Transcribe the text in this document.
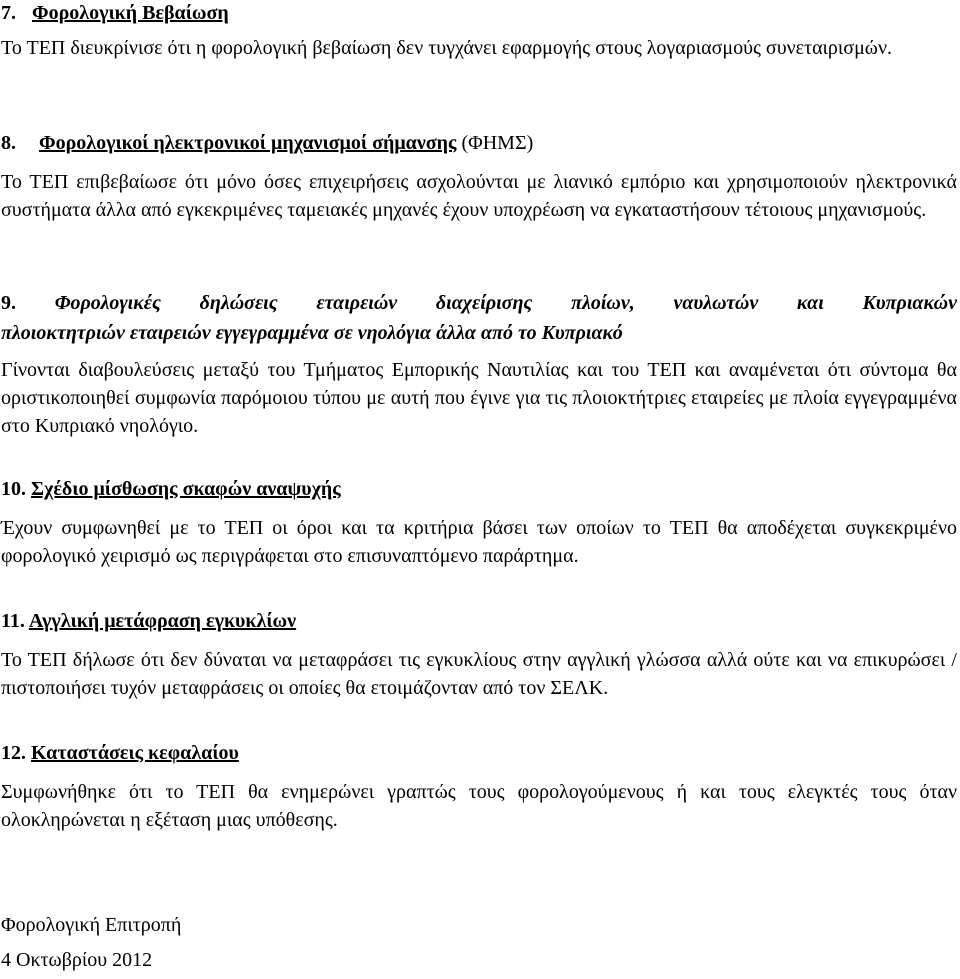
7. Φορολογική Βεβαίωση

Το ΤΕΠ διευκρίνισε ότι η φορολογική βεβαίωση δεν τυγχάνει εφαρμογής στους λογαριασμούς συνεταιρισμών.

8. Φορολογικοί ηλεκτρονικοί μηχανισμοί σήμανσης (ΦΗΜΣ)

Το ΤΕΠ επιβεβαίωσε ότι μόνο όσες επιχειρήσεις ασχολούνται με λιανικό εμπόριο και χρησιμοποιούν ηλεκτρονικά συστήματα άλλα από εγκεκριμένες ταμειακές μηχανές έχουν υποχρέωση να εγκαταστήσουν τέτοιους μηχανισμούς.

9. Φορολογικές δηλώσεις εταιρειών διαχείρισης πλοίων, ναυλωτών και Κυπριακών
πλοιοκτητριών εταιρειών εγγεγραμμένα σε νηολόγια άλλα από το Κυπριακό

Γίνονται διαβουλεύσεις μεταξύ του Τμήματος Εμπορικής Ναυτιλίας και του ΤΕΠ και αναμένεται ότι σύντομα θα οριστικοποιηθεί συμφωνία παρόμοιου τύπου με αυτή που έγινε για τις πλοιοκτήτριες εταιρείες με πλοία εγγεγραμμένα στο Κυπριακό νηολόγιο.

10. Σχέδιο μίσθωσης σκαφών αναψυχής

Έχουν συμφωνηθεί με το ΤΕΠ οι όροι και τα κριτήρια βάσει των οποίων το ΤΕΠ θα αποδέχεται συγκεκριμένο φορολογικό χειρισμό ως περιγράφεται στο επισυναπτόμενο παράρτημα.

11. Αγγλική μετάφραση εγκυκλίων

Το ΤΕΠ δήλωσε ότι δεν δύναται να μεταφράσει τις εγκυκλίους στην αγγλική γλώσσα αλλά ούτε και να επικυρώσει / πιστοποιήσει τυχόν μεταφράσεις οι οποίες θα ετοιμάζονταν από τον ΣΕΛΚ.

12. Καταστάσεις κεφαλαίου

Συμφωνήθηκε ότι το ΤΕΠ θα ενημερώνει γραπτώς τους φορολογούμενους ή και τους ελεγκτές τους όταν ολοκληρώνεται η εξέταση μιας υπόθεσης.

Φορολογική Επιτροπή
4 Οκτωβρίου 2012
